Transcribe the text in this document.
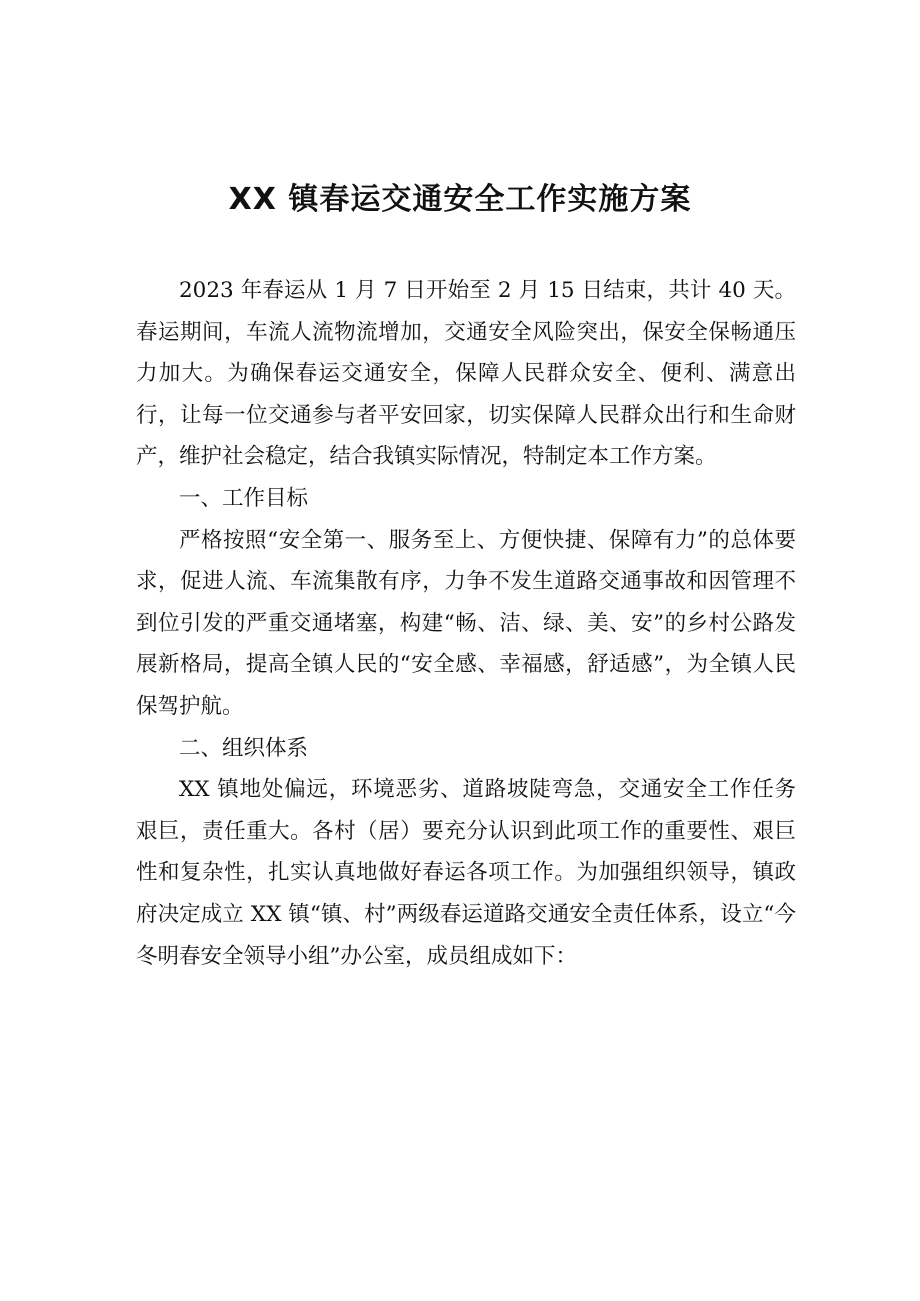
XX 镇春运交通安全工作实施方案

2023 年春运从 1 月 7 日开始至 2 月 15 日结束，共计 40 天。春运期间，车流人流物流增加，交通安全风险突出，保安全保畅通压力加大。为确保春运交通安全，保障人民群众安全、便利、满意出行，让每一位交通参与者平安回家，切实保障人民群众出行和生命财产，维护社会稳定，结合我镇实际情况，特制定本工作方案。

一、工作目标

严格按照“安全第一、服务至上、方便快捷、保障有力”的总体要求，促进人流、车流集散有序，力争不发生道路交通事故和因管理不到位引发的严重交通堵塞，构建“畅、洁、绿、美、安”的乡村公路发展新格局，提高全镇人民的“安全感、幸福感，舒适感”，为全镇人民保驾护航。

二、组织体系

XX 镇地处偏远，环境恶劣、道路坡陡弯急，交通安全工作任务艰巨，责任重大。各村（居）要充分认识到此项工作的重要性、艰巨性和复杂性，扎实认真地做好春运各项工作。为加强组织领导，镇政府决定成立 XX 镇“镇、村”两级春运道路交通安全责任体系，设立“今冬明春安全领导小组”办公室，成员组成如下：
